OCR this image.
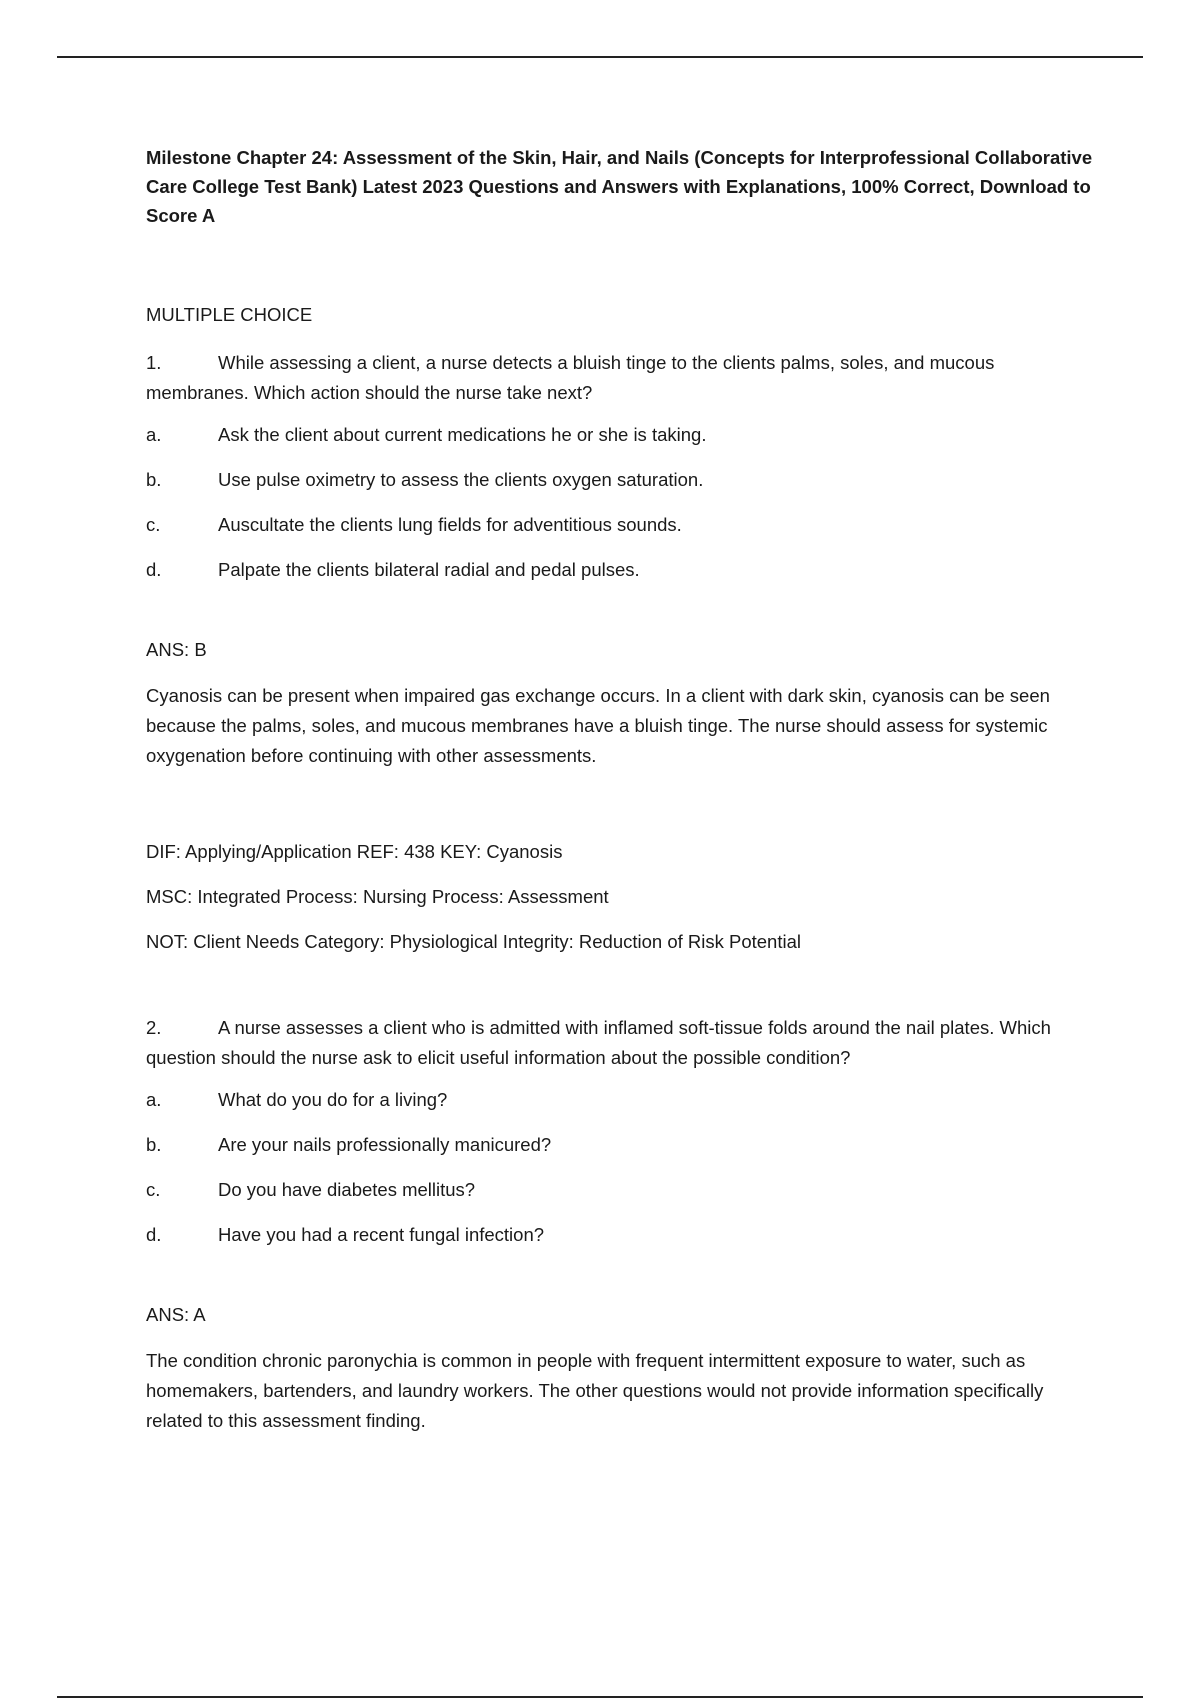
Milestone Chapter 24: Assessment of the Skin, Hair, and Nails (Concepts for Interprofessional Collaborative Care College Test Bank) Latest 2023 Questions and Answers with Explanations, 100% Correct, Download to Score A

MULTIPLE CHOICE

1.	While assessing a client, a nurse detects a bluish tinge to the clients palms, soles, and mucous membranes. Which action should the nurse take next?

a.	Ask the client about current medications he or she is taking.
b.	Use pulse oximetry to assess the clients oxygen saturation.
c.	Auscultate the clients lung fields for adventitious sounds.
d.	Palpate the clients bilateral radial and pedal pulses.

ANS: B

Cyanosis can be present when impaired gas exchange occurs. In a client with dark skin, cyanosis can be seen because the palms, soles, and mucous membranes have a bluish tinge. The nurse should assess for systemic oxygenation before continuing with other assessments.

DIF: Applying/Application REF: 438 KEY: Cyanosis

MSC: Integrated Process: Nursing Process: Assessment

NOT: Client Needs Category: Physiological Integrity: Reduction of Risk Potential

2.	A nurse assesses a client who is admitted with inflamed soft-tissue folds around the nail plates. Which question should the nurse ask to elicit useful information about the possible condition?

a.	What do you do for a living?
b.	Are your nails professionally manicured?
c.	Do you have diabetes mellitus?
d.	Have you had a recent fungal infection?

ANS: A

The condition chronic paronychia is common in people with frequent intermittent exposure to water, such as homemakers, bartenders, and laundry workers. The other questions would not provide information specifically related to this assessment finding.
